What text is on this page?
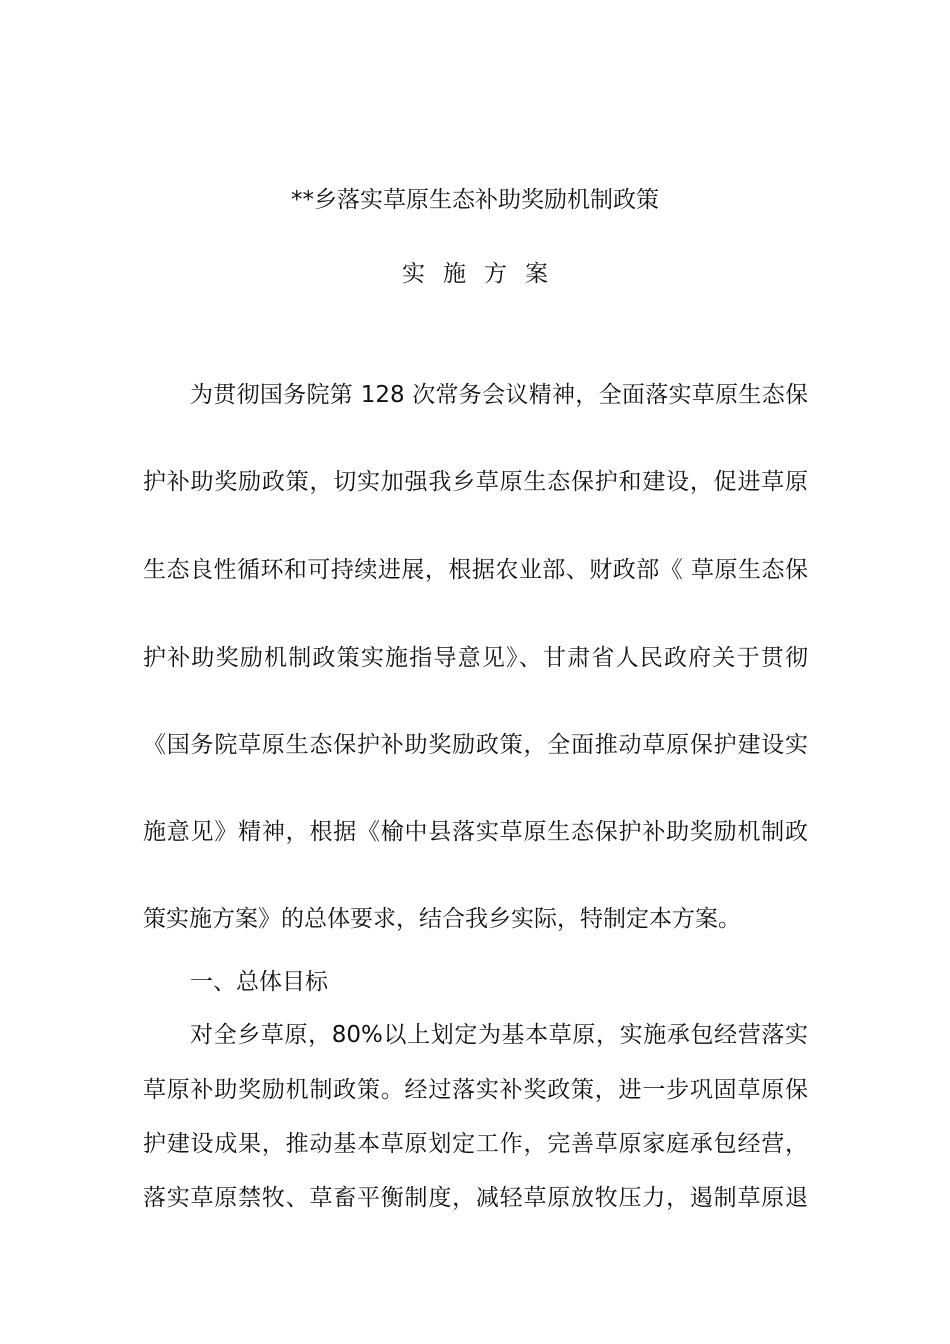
**乡落实草原生态补助奖励机制政策
实施方案
为贯彻国务院第 128 次常务会议精神，全面落实草原生态保
护补助奖励政策，切实加强我乡草原生态保护和建设，促进草原
生态良性循环和可持续进展，根据农业部、财政部《 草原生态保
护补助奖励机制政策实施指导意见》、甘肃省人民政府关于贯彻
《国务院草原生态保护补助奖励政策，全面推动草原保护建设实
施意见》精神，根据《榆中县落实草原生态保护补助奖励机制政
策实施方案》的总体要求，结合我乡实际，特制定本方案。
一、总体目标
对全乡草原，80%以上划定为基本草原，实施承包经营落实
草原补助奖励机制政策。经过落实补奖政策，进一步巩固草原保
护建设成果，推动基本草原划定工作，完善草原家庭承包经营，
落实草原禁牧、草畜平衡制度，减轻草原放牧压力，遏制草原退
